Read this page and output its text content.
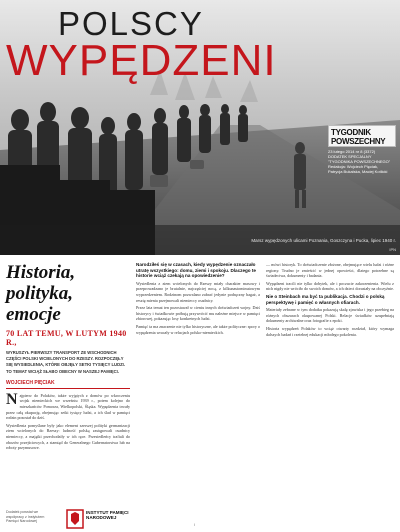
POLSCY
WYPĘDZENI
TYGODNIK POWSZECHNY
23 lutego 2014 nr 8 (3372)
DODATEK SPECJALNY
"TYGODNIKA POWSZECHNEGO"
Redakcja: Wojciech Pięciak,
Patrycja Bukalska, Maciej Kotlicki
Marsz wypędzonych ulicami Poznania, Goszczyna i Pucka, lipiec 1940 r.
IPN
Historia, polityka, emocje
70 LAT TEMU, W LUTYM 1940 R.,
WYRUSZYŁ PIERWSZY TRANSPORT ZE WSCHODNICH CZĘŚCI POLSKI WCIELONYCH DO RZESZY. ROZPOCZĘŁY SIĘ WYSIEDLENIA, KTÓRE OBJĘŁY SETKI TYSIĘCY LUDZI. TO TEMAT WCIĄŻ SŁABO OBECNY W NASZEJ PAMIĘCI.
WOJCIECH PIĘCIAK

Najpierw do Polaków, także wyjętych z domów po wkroczeniu wojsk niemieckich we wrześniu 1939 r., potem kolejno do mieszkańców Pomorza, Wielkopolski, Śląska. Wypędzenia trwały przez całą okupację, obejmując setki tysięcy ludzi, a ich ślad w pamięci rodzin pozostał do dziś.

Wysiedlenia pomyślane były jako element szerszej polityki germanizacji ziem wcielonych do Rzeszy: ludność polską zastępowali osadnicy niemieccy, a majątki przechodziły w ich ręce. Przesiedleńcy trafiali do obozów przejściowych, a stamtąd do Generalnego Gubernatorstwa lub na roboty przymusowe.

Narodziłeś się w czasach, kiedy wypędzenie oznaczało utratę wszystkiego: domu, ziemi i spokoju. Dlaczego te historie wciąż czekają na opowiedzenie?

Wysiedlenia z ziem wcielonych do Rzeszy miały charakter masowy i przeprowadzano je brutalnie, najczęściej nocą, z kilkunastominutowym wyprzedzeniem. Rodzinom pozwalano zabrać jedynie podręczny bagaż, a resztę mienia przejmowali niemieccy osadnicy.

Przez lata temat ten pozostawał w cieniu innych doświadczeń wojny. Dziś historycy i świadkowie próbują przywrócić mu należne miejsce w pamięci zbiorowej, pokazując losy konkretnych ludzi.

Pamięć ta ma znaczenie nie tylko historyczne, ale także polityczne: spory o wypędzenia wracały w relacjach polsko-niemieckich.

— mówi historyk. To doświadczenie złożone, obejmujące wielu ludzi i różne regiony. Trudno je zmieścić w jednej opowieści, dlatego potrzebne są świadectwa, dokumenty i badania.

Wypędzeni tracili nie tylko dobytek, ale i poczucie zakorzenienia. Wielu z nich nigdy nie wróciło do swoich domów, a ich dzieci dorastały na obczyźnie.

Nie o Steinbach ma być ta publikacja. Chodzi o polską perspektywę i pamięć o własnych ofiarach.

Materiały zebrane w tym dodatku pokazują skalę zjawiska i jego przebieg na różnych obszarach okupowanej Polski. Relacje świadków uzupełniają dokumenty archiwalne oraz fotografie z epoki.

Historia wypędzeń Polaków to wciąż otwarty rozdział, który wymaga dalszych badań i rzetelnej edukacji młodego pokolenia.

Dodatek powstał we współpracy z Instytutem Pamięci Narodowej
INSTYTUT PAMIĘCI NARODOWEJ
I
